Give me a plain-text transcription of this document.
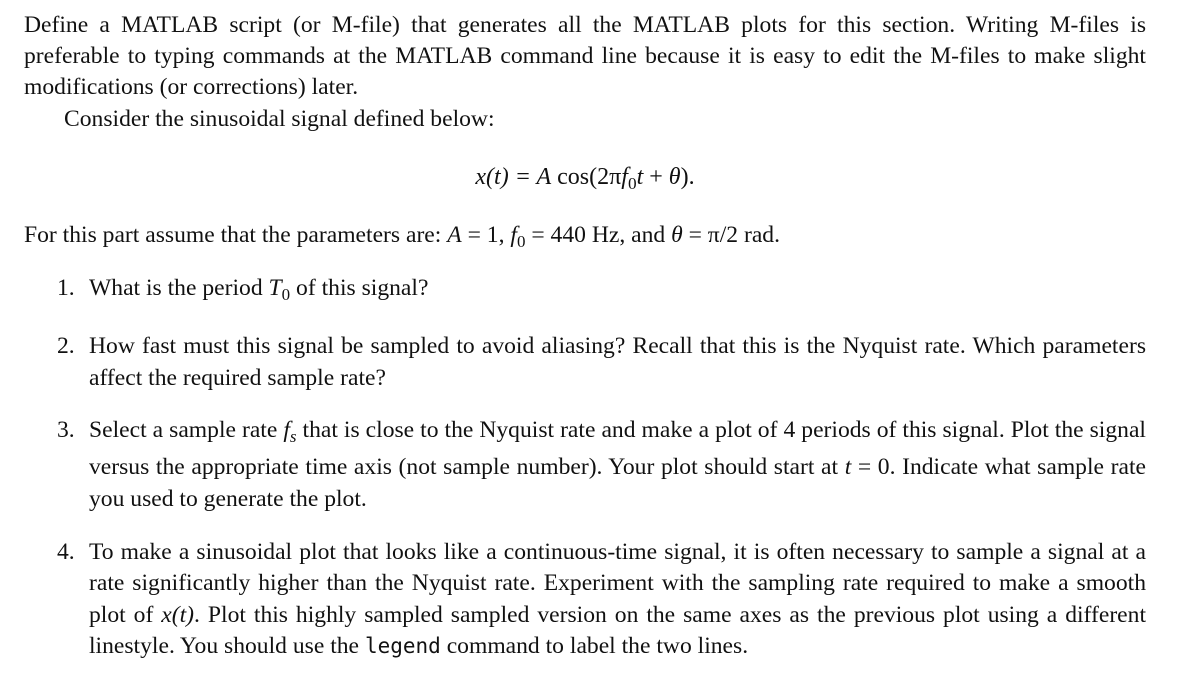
Define a MATLAB script (or M-file) that generates all the MATLAB plots for this section. Writing M-files is preferable to typing commands at the MATLAB command line because it is easy to edit the M-files to make slight modifications (or corrections) later.

Consider the sinusoidal signal defined below:

x(t) = A $\cos(2\pi f_0t + \theta)$.

For this part assume that the parameters are: A = 1, $f_0 = 440$ Hz, and θ = π/2 rad.

1. What is the period $T_0$ of this signal?
2. How fast must this signal be sampled to avoid aliasing? Recall that this is the Nyquist rate. Which parameters affect the required sample rate?
3. Select a sample rate $f_s$ that is close to the Nyquist rate and make a plot of 4 periods of this signal. Plot the signal versus the appropriate time axis (not sample number). Your plot should start at t = 0. Indicate what sample rate you used to generate the plot.
4. To make a sinusoidal plot that looks like a continuous-time signal, it is often necessary to sample a signal at a rate significantly higher than the Nyquist rate. Experiment with the sampling rate required to make a smooth plot of x(t). Plot this highly sampled sampled version on the same axes as the previous plot using a different linestyle. You should use the legend command to label the two lines.
